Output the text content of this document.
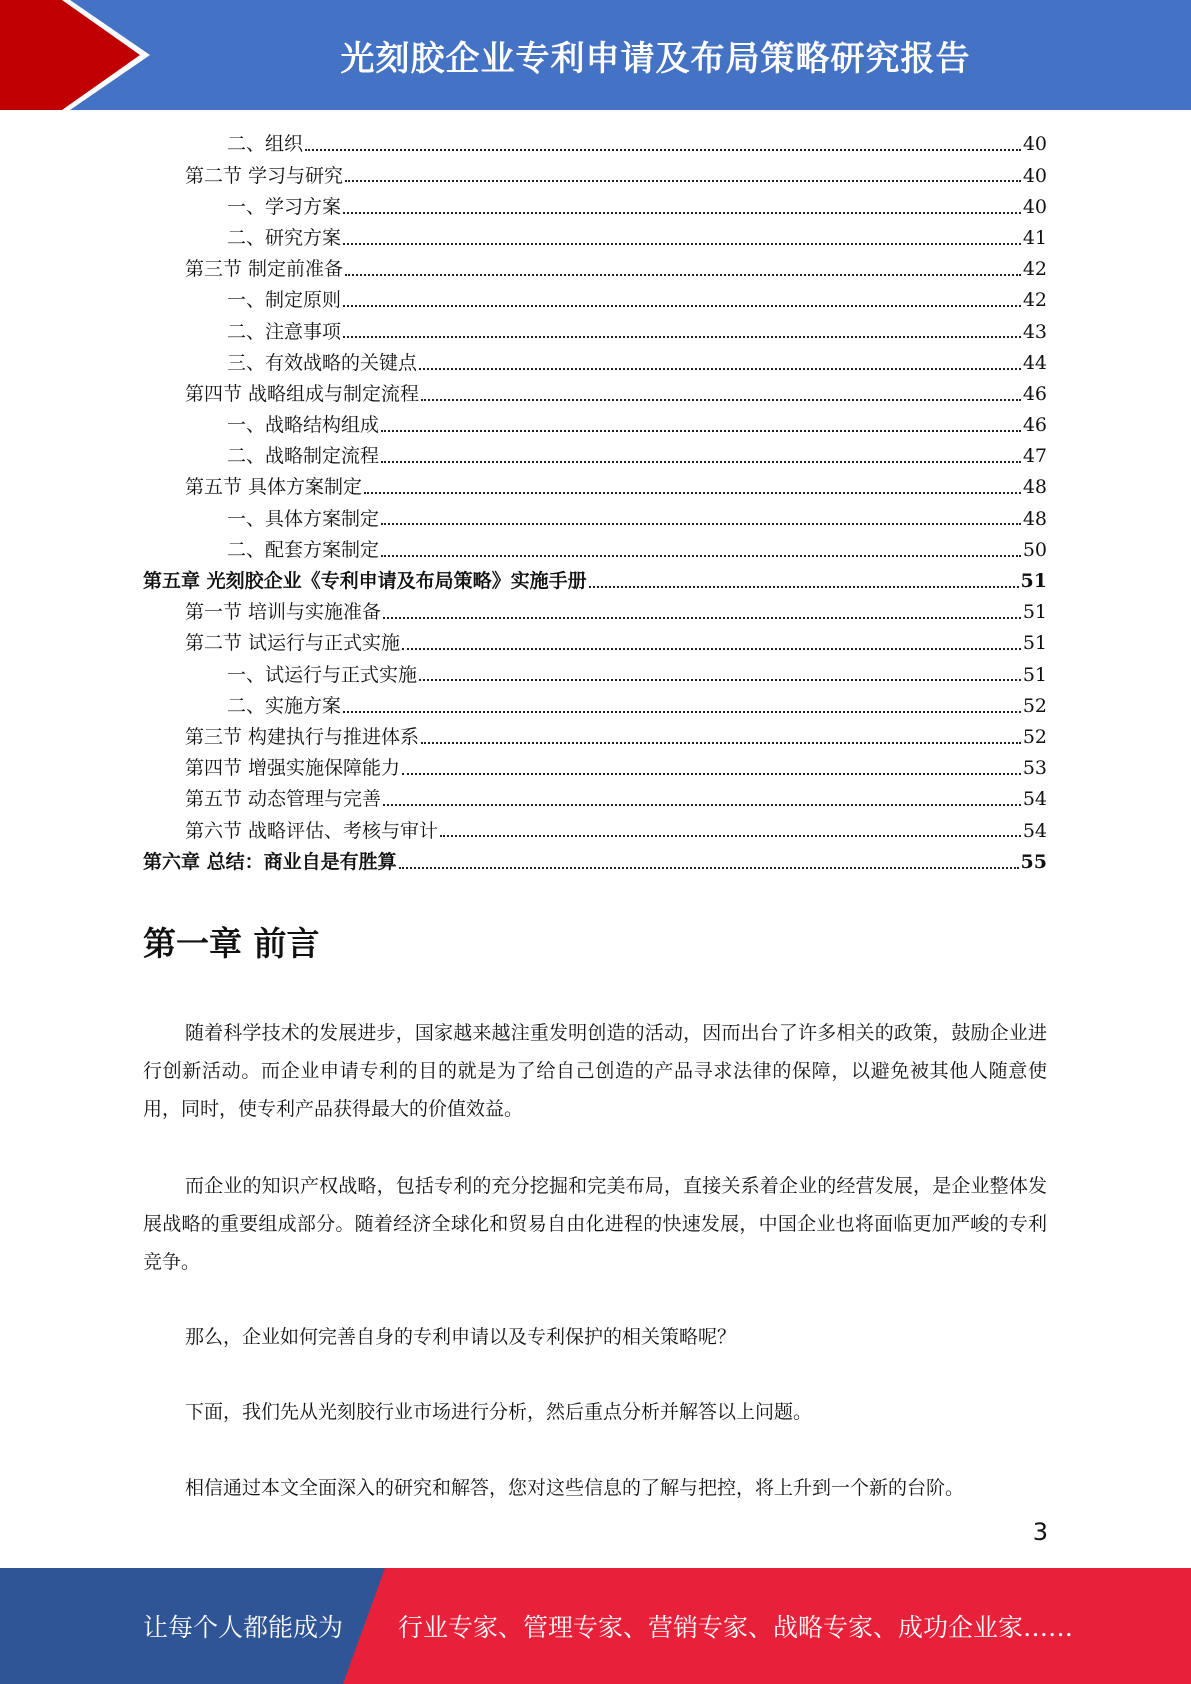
光刻胶企业专利申请及布局策略研究报告
二、组织	40
第二节 学习与研究	40
一、学习方案	40
二、研究方案	41
第三节 制定前准备	42
一、制定原则	42
二、注意事项	43
三、有效战略的关键点	44
第四节 战略组成与制定流程	46
一、战略结构组成	46
二、战略制定流程	47
第五节 具体方案制定	48
一、具体方案制定	48
二、配套方案制定	50
第五章 光刻胶企业《专利申请及布局策略》实施手册	51
第一节 培训与实施准备	51
第二节 试运行与正式实施	51
一、试运行与正式实施	51
二、实施方案	52
第三节 构建执行与推进体系	52
第四节 增强实施保障能力	53
第五节 动态管理与完善	54
第六节 战略评估、考核与审计	54
第六章 总结：商业自是有胜算	55
第一章 前言

随着科学技术的发展进步，国家越来越注重发明创造的活动，因而出台了许多相关的政策，鼓励企业进行创新活动。而企业申请专利的目的就是为了给自己创造的产品寻求法律的保障，以避免被其他人随意使用，同时，使专利产品获得最大的价值效益。

而企业的知识产权战略，包括专利的充分挖掘和完美布局，直接关系着企业的经营发展，是企业整体发展战略的重要组成部分。随着经济全球化和贸易自由化进程的快速发展，中国企业也将面临更加严峻的专利竞争。

那么，企业如何完善自身的专利申请以及专利保护的相关策略呢？

下面，我们先从光刻胶行业市场进行分析，然后重点分析并解答以上问题。

相信通过本文全面深入的研究和解答，您对这些信息的了解与把控，将上升到一个新的台阶。

3
让每个人都能成为 行业专家、管理专家、营销专家、战略专家、成功企业家……
